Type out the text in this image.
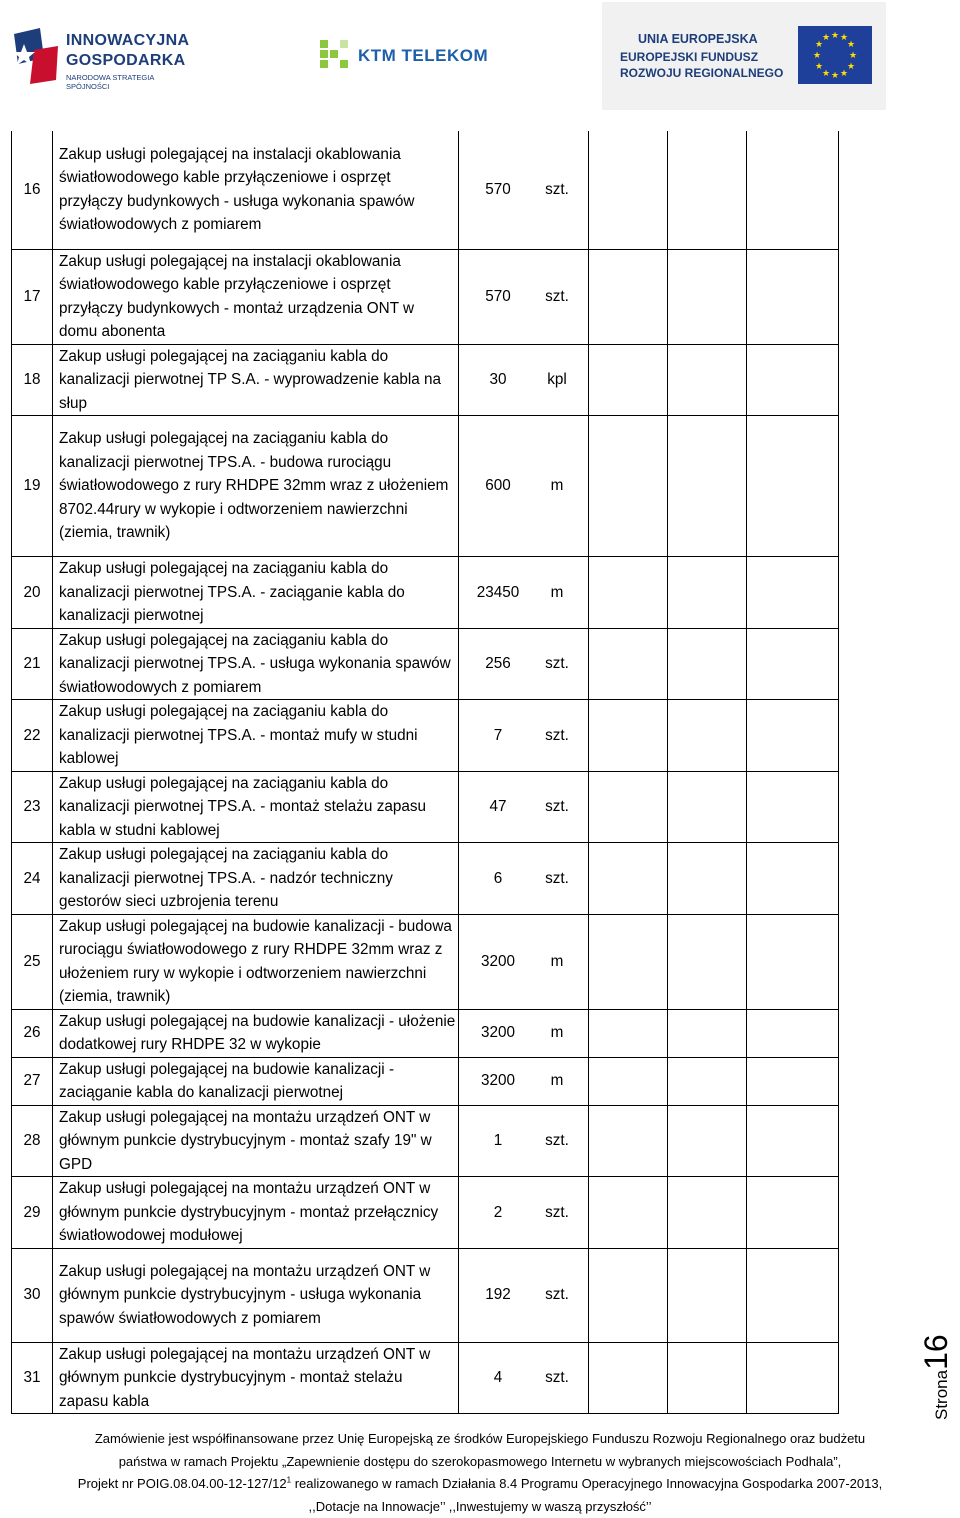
INNOWACYJNA
GOSPODARKA
NARODOWA STRATEGIA SPÓJNOŚCI
KTM TELEKOM
UNIA EUROPEJSKA
EUROPEJSKI FUNDUSZ
ROZWOJU REGIONALNEGO
★ ★
★
★
★
★
★
★
★
★
★
★
16	Zakup usługi polegającej na instalacji okablowania światłowodowego kable przyłączeniowe i osprzęt przyłączy budynkowych - usługa wykonania spawów światłowodowych z pomiarem	570	szt.			
17	Zakup usługi polegającej na instalacji okablowania światłowodowego kable przyłączeniowe i osprzęt przyłączy budynkowych - montaż urządzenia ONT w domu abonenta	570	szt.			
18	Zakup usługi polegającej na zaciąganiu kabla do kanalizacji pierwotnej TP S.A. - wyprowadzenie kabla na słup	30	kpl			
19	Zakup usługi polegającej na zaciąganiu kabla do kanalizacji pierwotnej TPS.A. - budowa rurociągu światłowodowego z rury RHDPE 32mm wraz z ułożeniem 8702.44rury w wykopie i odtworzeniem nawierzchni (ziemia, trawnik)	600	m			
20	Zakup usługi polegającej na zaciąganiu kabla do kanalizacji pierwotnej TPS.A. - zaciąganie kabla do kanalizacji pierwotnej	23450	m			
21	Zakup usługi polegającej na zaciąganiu kabla do kanalizacji pierwotnej TPS.A. - usługa wykonania spawów światłowodowych z pomiarem	256	szt.			
22	Zakup usługi polegającej na zaciąganiu kabla do kanalizacji pierwotnej TPS.A. - montaż mufy w studni kablowej	7	szt.			
23	Zakup usługi polegającej na zaciąganiu kabla do kanalizacji pierwotnej TPS.A. - montaż stelażu zapasu kabla w studni kablowej	47	szt.			
24	Zakup usługi polegającej na zaciąganiu kabla do kanalizacji pierwotnej TPS.A. - nadzór techniczny gestorów sieci uzbrojenia terenu	6	szt.			
25	Zakup usługi polegającej na budowie kanalizacji - budowa rurociągu światłowodowego z rury RHDPE 32mm wraz z ułożeniem rury w wykopie i odtworzeniem nawierzchni (ziemia, trawnik)	3200	m			
26	Zakup usługi polegającej na budowie kanalizacji - ułożenie dodatkowej rury RHDPE 32 w wykopie	3200	m			
27	Zakup usługi polegającej na budowie kanalizacji - zaciąganie kabla do kanalizacji pierwotnej	3200	m			
28	Zakup usługi polegającej na montażu urządzeń ONT w głównym punkcie dystrybucyjnym - montaż szafy 19" w GPD	1	szt.			
29	Zakup usługi polegającej na montażu urządzeń ONT w głównym punkcie dystrybucyjnym - montaż przełącznicy światłowodowej modułowej	2	szt.			
30	Zakup usługi polegającej na montażu urządzeń ONT w głównym punkcie dystrybucyjnym - usługa wykonania spawów światłowodowych z pomiarem	192	szt.			
31	Zakup usługi polegającej na montażu urządzeń ONT w głównym punkcie dystrybucyjnym - montaż stelażu zapasu kabla	4	szt.				Strona16
Zamówienie jest współfinansowane przez Unię Europejską ze środków Europejskiego Funduszu Rozwoju Regionalnego oraz budżetu
państwa w ramach Projektu „Zapewnienie dostępu do szerokopasmowego Internetu w wybranych miejscowościach Podhala”,
Projekt nr $POIG.08.04.00-12-127/12^1$ realizowanego w ramach Działania 8.4 Programu Operacyjnego Innowacyjna Gospodarka 2007-2013,
,,Dotacje na Innowacje’’ ,,Inwestujemy w waszą przyszłość’’
